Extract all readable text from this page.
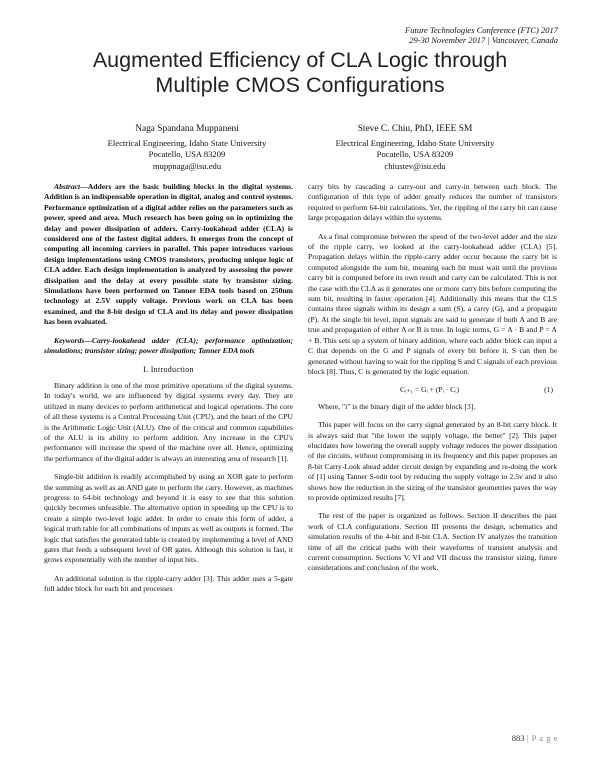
Future Technologies Conference (FTC) 2017
29-30 November 2017 | Vancouver, Canada
Augmented Efficiency of CLA Logic through
Multiple CMOS Configurations
Naga Spandana Muppaneni
Electrical Engineering, Idaho State University
Pocatello, USA 83209
muppnaga@isu.edu
Steve C. Chiu, PhD, IEEE SM
Electrical Engineering, Idaho State University
Pocatello, USA 83209
chiustev@isu.edu

Abstract—Adders are the basic building blocks in the digital systems. Addition is an indispensable operation in digital, analog and control systems. Performance optimization of a digital adder relies on the parameters such as power, speed and area. Much research has been going on in optimizing the delay and power dissipation of adders. Carry-lookahead adder (CLA) is considered one of the fastest digital adders. It emerges from the concept of computing all incoming carriers in parallel. This paper introduces various design implementations using CMOS transistors, producing unique logic of CLA adder. Each design implementation is analyzed by assessing the power dissipation and the delay at every possible state by transistor sizing. Simulations have been performed on Tanner EDA tools based on 250nm technology at 2.5V supply voltage. Previous work on CLA has been examined, and the 8-bit design of CLA and its delay and power dissipation has been evaluated.

Keywords—Carry-lookahead adder (CLA); performance optimization; simulations; transistor sizing; power dissipation; Tanner EDA tools

I. Introduction

Binary addition is one of the most primitive operations of the digital systems. In today's world, we are influenced by digital systems every day. They are utilized in many devices to perform arithmetical and logical operations. The core of all these systems is a Central Processing Unit (CPU), and the heart of the CPU is the Arithmetic Logic Unit (ALU). One of the critical and common capabilities of the ALU is its ability to perform addition. Any increase in the CPU's performance will increase the speed of the machine over all. Hence, optimizing the performance of the digital adder is always an interesting area of research [1].

Single-bit addition is readily accomplished by using an XOR gate to perform the summing as well as an AND gate to perform the carry. However, as machines progress to 64-bit technology and beyond it is easy to see that this solution quickly becomes unfeasible. The alternative option in speeding up the CPU is to create a simple two-level logic adder. In order to create this form of adder, a logical truth table for all combinations of inputs as well as outputs is formed. The logic that satisfies the generated table is created by implementing a level of AND gates that feeds a subsequent level of OR gates. Although this solution is fast, it grows exponentially with the number of input bits.

An additional solution is the ripple-carry adder [3]. This adder uses a 5-gate full adder block for each bit and processes

carry bits by cascading a carry-out and carry-in between each block. The configuration of this type of adder greatly reduces the number of transistors required to perform 64-bit calculations. Yet, the rippling of the carry bit can cause large propagation delays within the systems.

As a final compromise between the speed of the two-level adder and the size of the ripple carry, we looked at the carry-lookahead adder (CLA) [5]. Propagation delays within the ripple-carry adder occur because the carry bit is computed alongside the sum bit, meaning each bit must wait until the previous carry bit is computed before its own result and carry can be calculated. This is not the case with the CLA as it generates one or more carry bits before computing the sum bit, resulting in faster operation [4]. Additionally this means that the CLS contains three signals within its design a sum (S), a carry (G), and a propagate (P). At the single bit level, input signals are said to generate if both A and B are true and propagation of either A or B is true. In logic terms, G = A · B and P = A + B. This sets up a system of binary addition, where each adder block can input a C that depends on the G and P signals of every bit before it. S can then be generated without having to wait for the rippling S and C signals of each previous block [8]. Thus, C is generated by the logic equation.

Cᵢ₊₁ = Gᵢ + (Pᵢ · Cᵢ)	(1)

Where, "i" is the binary digit of the adder block [3].

This paper will focus on the carry signal generated by an 8-bit carry block. It is always said that "the lower the supply voltage, the better" [2]. This paper elucidates how lowering the overall supply voltage reduces the power dissipation of the circuits, without compromising in its frequency and this paper proposes an 8-bit Carry-Look ahead adder circuit design by expanding and re-doing the work of [1] using Tanner S-edit tool by reducing the supply voltage to 2.5v and it also shows how the reduction in the sizing of the transistor geometries paves the way to provide optimized results [7].

The rest of the paper is organized as follows. Section II describes the past work of CLA configurations. Section III presents the design, schematics and simulation results of the 4-bit and 8-bit CLA. Section IV analyzes the transition time of all the critical paths with their waveforms of transient analysis and current consumption. Sections V, VI and VII discuss the transistor sizing, future considerations and conclusion of the work.

883 | P a g e
